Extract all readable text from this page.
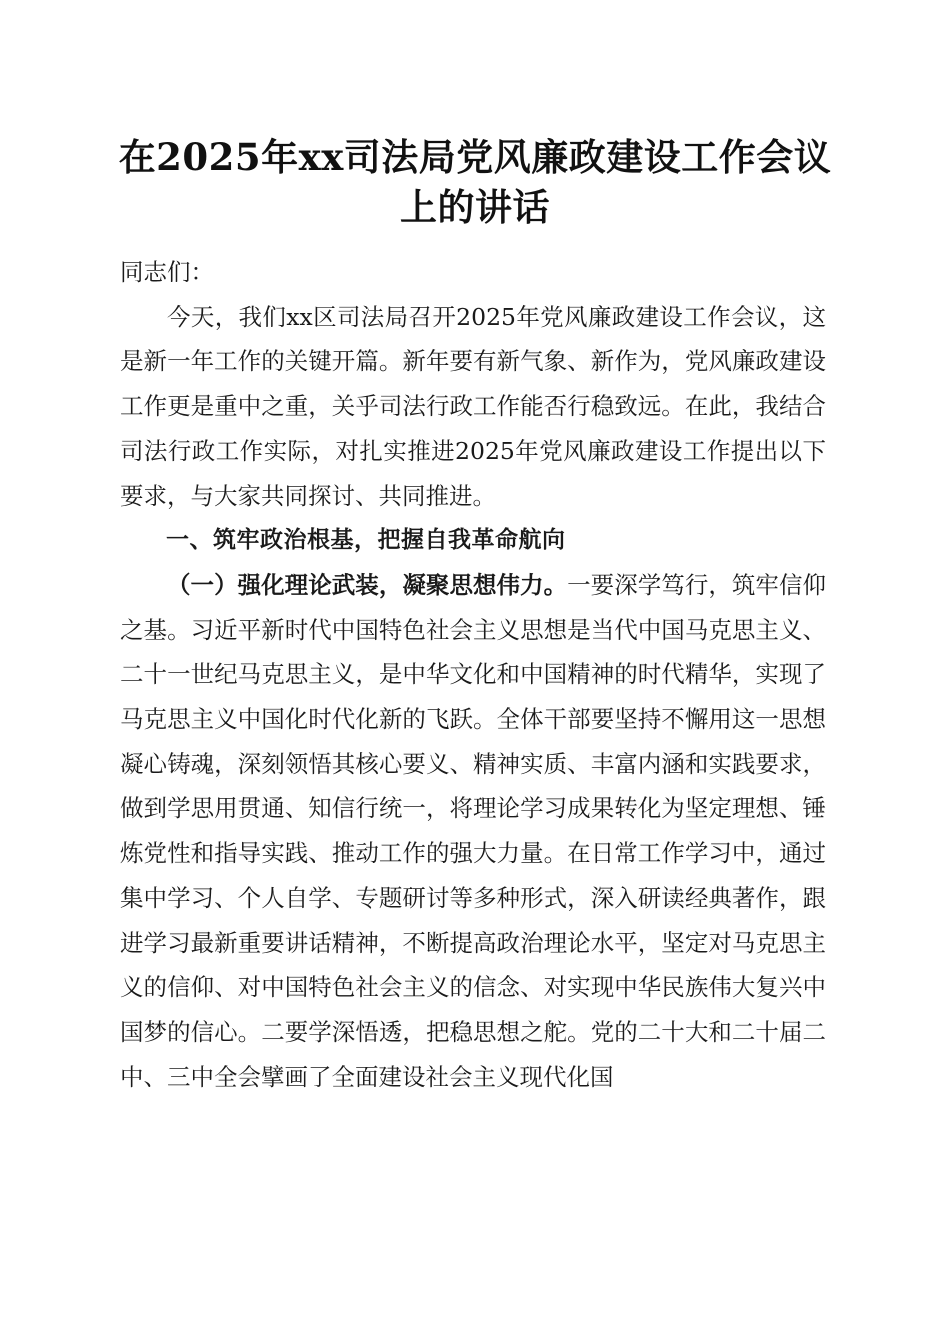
在2025年xx司法局党风廉政建设工作会议上的讲话

同志们：

今天，我们xx区司法局召开2025年党风廉政建设工作会议，这是新一年工作的关键开篇。新年要有新气象、新作为，党风廉政建设工作更是重中之重，关乎司法行政工作能否行稳致远。在此，我结合司法行政工作实际，对扎实推进2025年党风廉政建设工作提出以下要求，与大家共同探讨、共同推进。

一、筑牢政治根基，把握自我革命航向

（一）强化理论武装，凝聚思想伟力。一要深学笃行，筑牢信仰之基。习近平新时代中国特色社会主义思想是当代中国马克思主义、二十一世纪马克思主义，是中华文化和中国精神的时代精华，实现了马克思主义中国化时代化新的飞跃。全体干部要坚持不懈用这一思想凝心铸魂，深刻领悟其核心要义、精神实质、丰富内涵和实践要求，做到学思用贯通、知信行统一，将理论学习成果转化为坚定理想、锤炼党性和指导实践、推动工作的强大力量。在日常工作学习中，通过集中学习、个人自学、专题研讨等多种形式，深入研读经典著作，跟进学习最新重要讲话精神，不断提高政治理论水平，坚定对马克思主义的信仰、对中国特色社会主义的信念、对实现中华民族伟大复兴中国梦的信心。二要学深悟透，把稳思想之舵。党的二十大和二十届二中、三中全会擘画了全面建设社会主义现代化国
